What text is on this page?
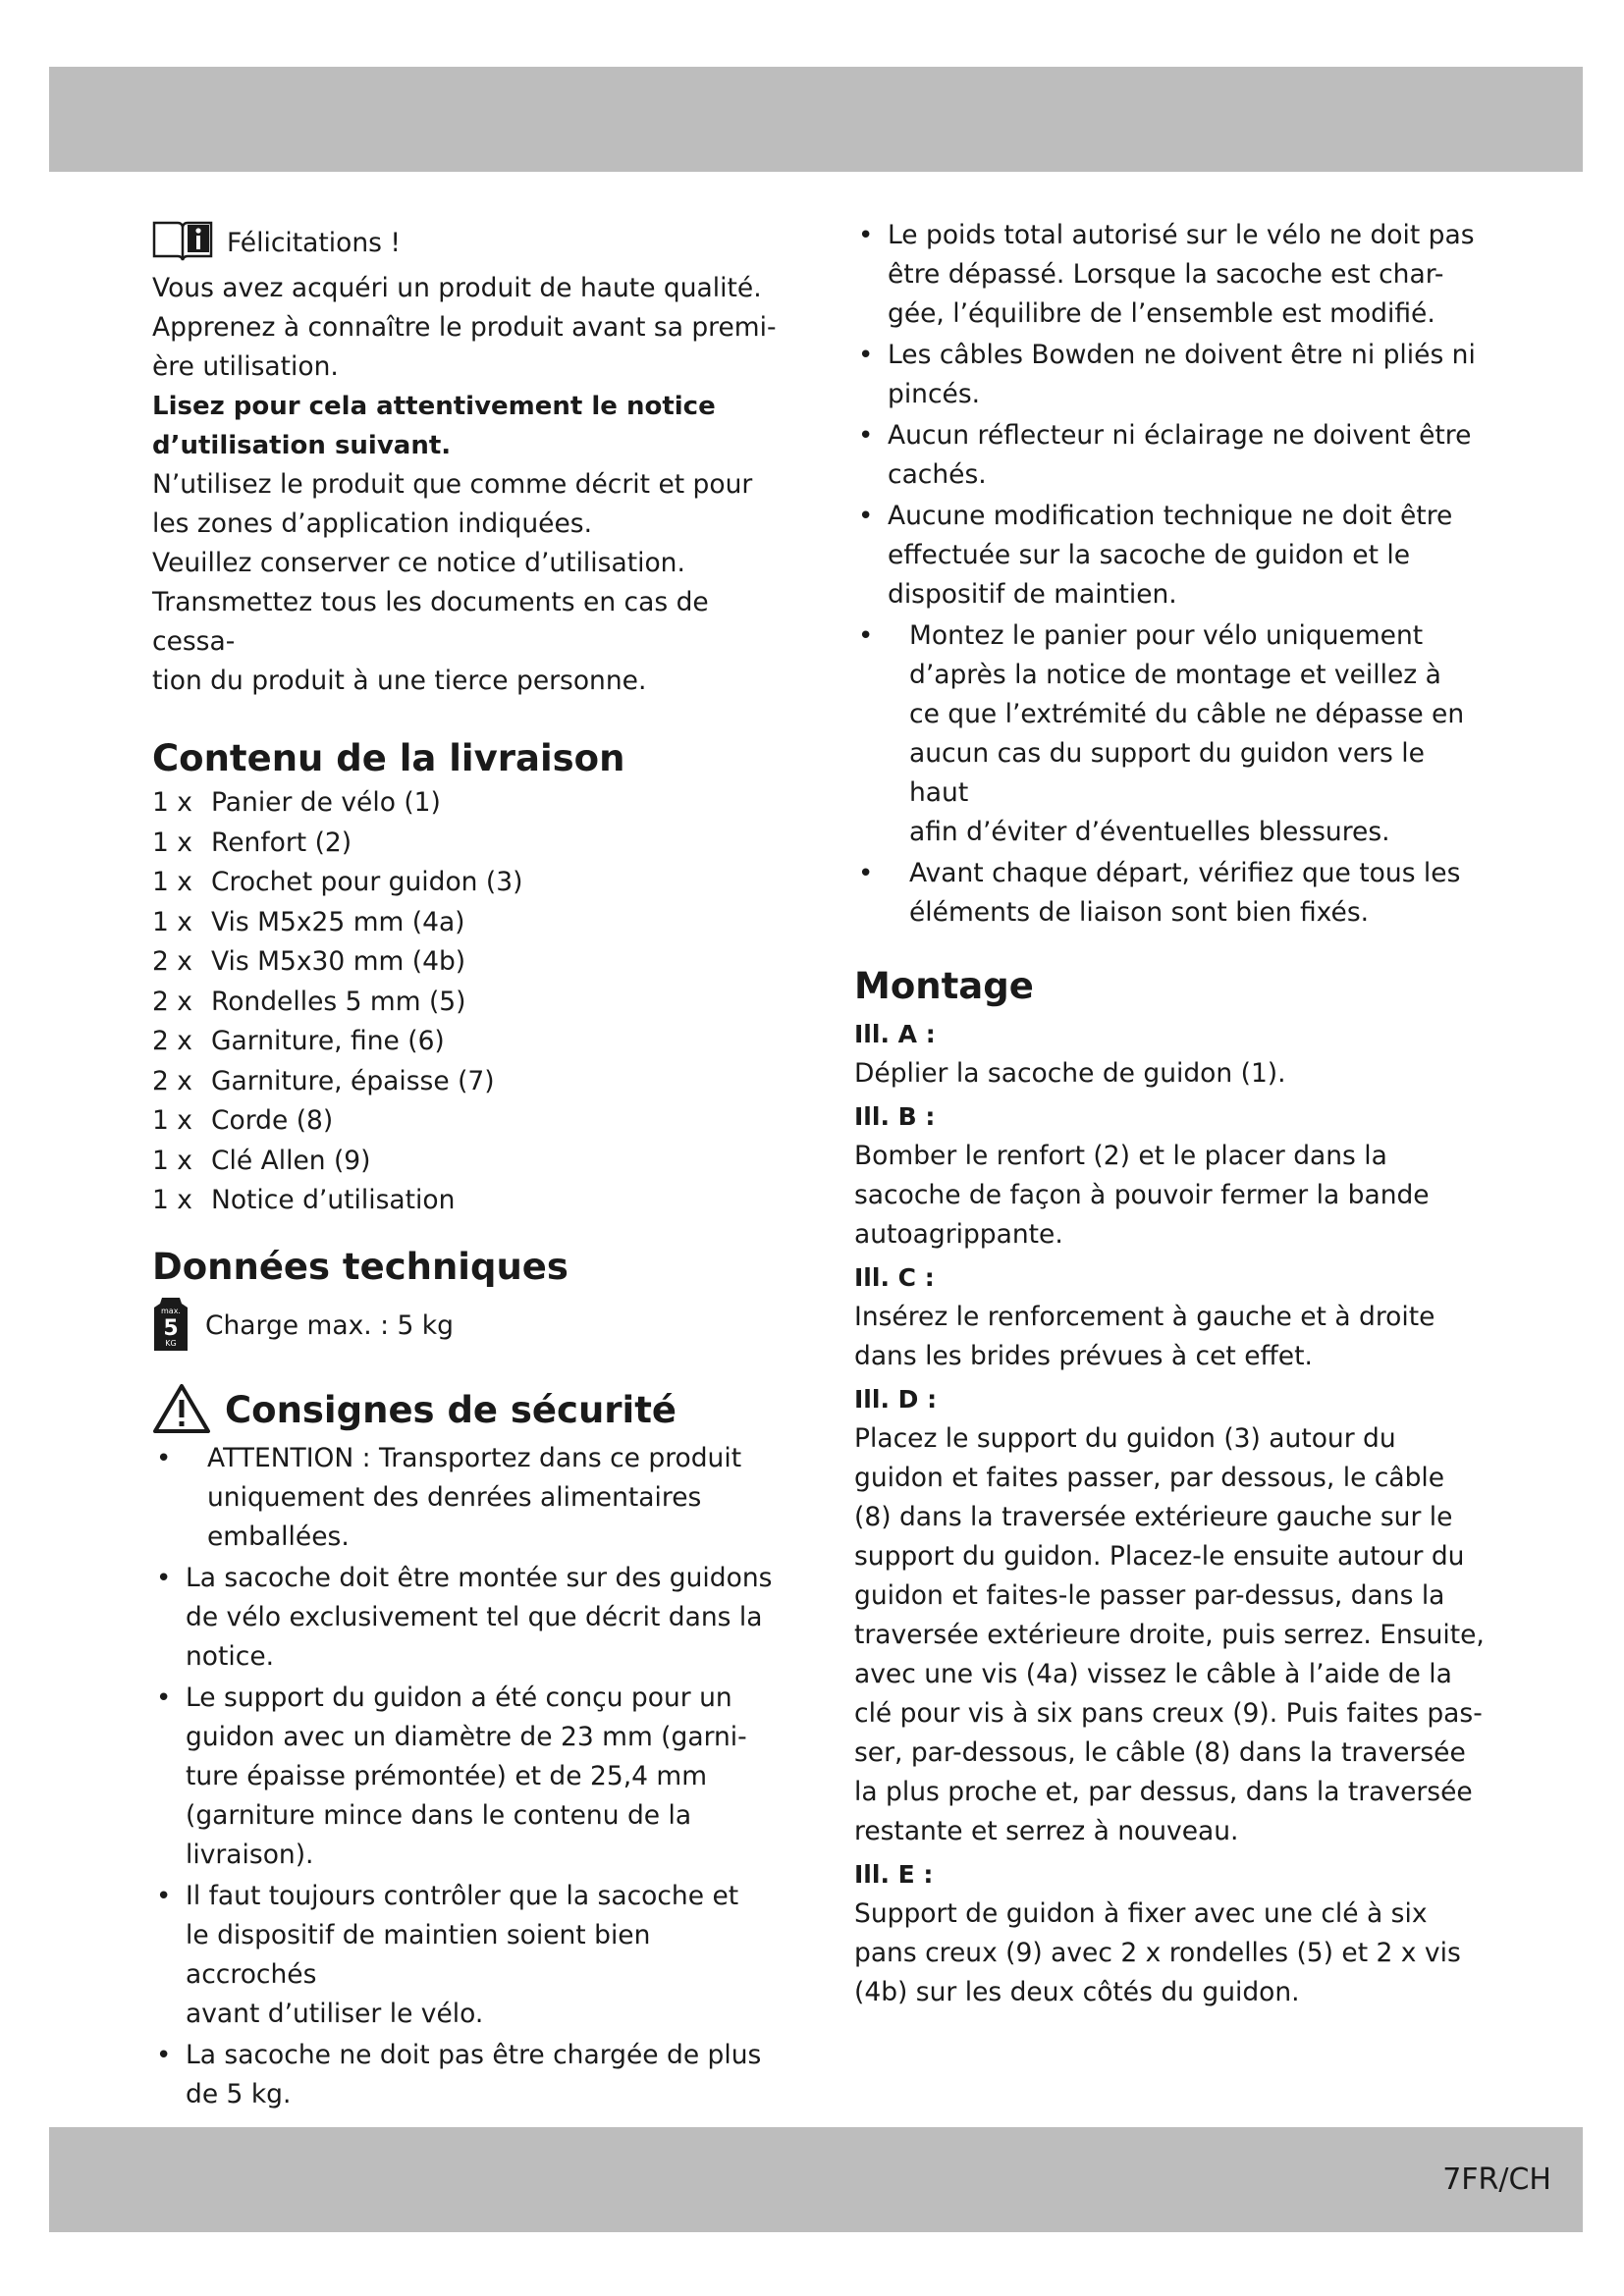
7FR/CH
Félicitations !

Vous avez acquéri un produit de haute qualité.

Apprenez à connaître le produit avant sa premi-

ère utilisation.

Lisez pour cela attentivement le notice

d’utilisation suivant.

N’utilisez le produit que comme décrit et pour

les zones d’application indiquées.

Veuillez conserver ce notice d’utilisation.

Transmettez tous les documents en cas de cessa-

tion du produit à une tierce personne.

Contenu de la livraison
1 x Panier de vélo (1)
1 x Renfort (2)
1 x Crochet pour guidon (3)
1 x Vis M5x25 mm (4a)
2 x Vis M5x30 mm (4b)
2 x Rondelles 5 mm (5)
2 x Garniture, fine (6)
2 x Garniture, épaisse (7)
1 x Corde (8)
1 x Clé Allen (9)
1 x Notice d’utilisation
Données techniques
max.
5
KG
Charge max. : 5 kg
Consignes de sécurité
• ATTENTION : Transportez dans ce produit
uniquement des denrées alimentaires
emballées.
• La sacoche doit être montée sur des guidons
de vélo exclusivement tel que décrit dans la
notice.
• Le support du guidon a été conçu pour un
guidon avec un diamètre de 23 mm (garni-
ture épaisse prémontée) et de 25,4 mm
(garniture mince dans le contenu de la
livraison).
• Il faut toujours contrôler que la sacoche et
le dispositif de maintien soient bien accrochés
avant d’utiliser le vélo.
• La sacoche ne doit pas être chargée de plus
de 5 kg.
• Le poids total autorisé sur le vélo ne doit pas
être dépassé. Lorsque la sacoche est char-
gée, l’équilibre de l’ensemble est modifié.
• Les câbles Bowden ne doivent être ni pliés ni
pincés.
• Aucun réflecteur ni éclairage ne doivent être
cachés.
• Aucune modification technique ne doit être
effectuée sur la sacoche de guidon et le
dispositif de maintien.
• Montez le panier pour vélo uniquement
d’après la notice de montage et veillez à
ce que l’extrémité du câble ne dépasse en
aucun cas du support du guidon vers le haut
afin d’éviter d’éventuelles blessures.
• Avant chaque départ, vérifiez que tous les
éléments de liaison sont bien fixés.
Montage

Ill. A :

Déplier la sacoche de guidon (1).

Ill. B :

Bomber le renfort (2) et le placer dans la

sacoche de façon à pouvoir fermer la bande

autoagrippante.

Ill. C :

Insérez le renforcement à gauche et à droite

dans les brides prévues à cet effet.

Ill. D :

Placez le support du guidon (3) autour du

guidon et faites passer, par dessous, le câble

(8) dans la traversée extérieure gauche sur le

support du guidon. Placez-le ensuite autour du

guidon et faites-le passer par-dessus, dans la

traversée extérieure droite, puis serrez. Ensuite,

avec une vis (4a) vissez le câble à l’aide de la

clé pour vis à six pans creux (9). Puis faites pas-

ser, par-dessous, le câble (8) dans la traversée

la plus proche et, par dessus, dans la traversée

restante et serrez à nouveau.

Ill. E :

Support de guidon à fixer avec une clé à six

pans creux (9) avec 2 x rondelles (5) et 2 x vis

(4b) sur les deux côtés du guidon.
